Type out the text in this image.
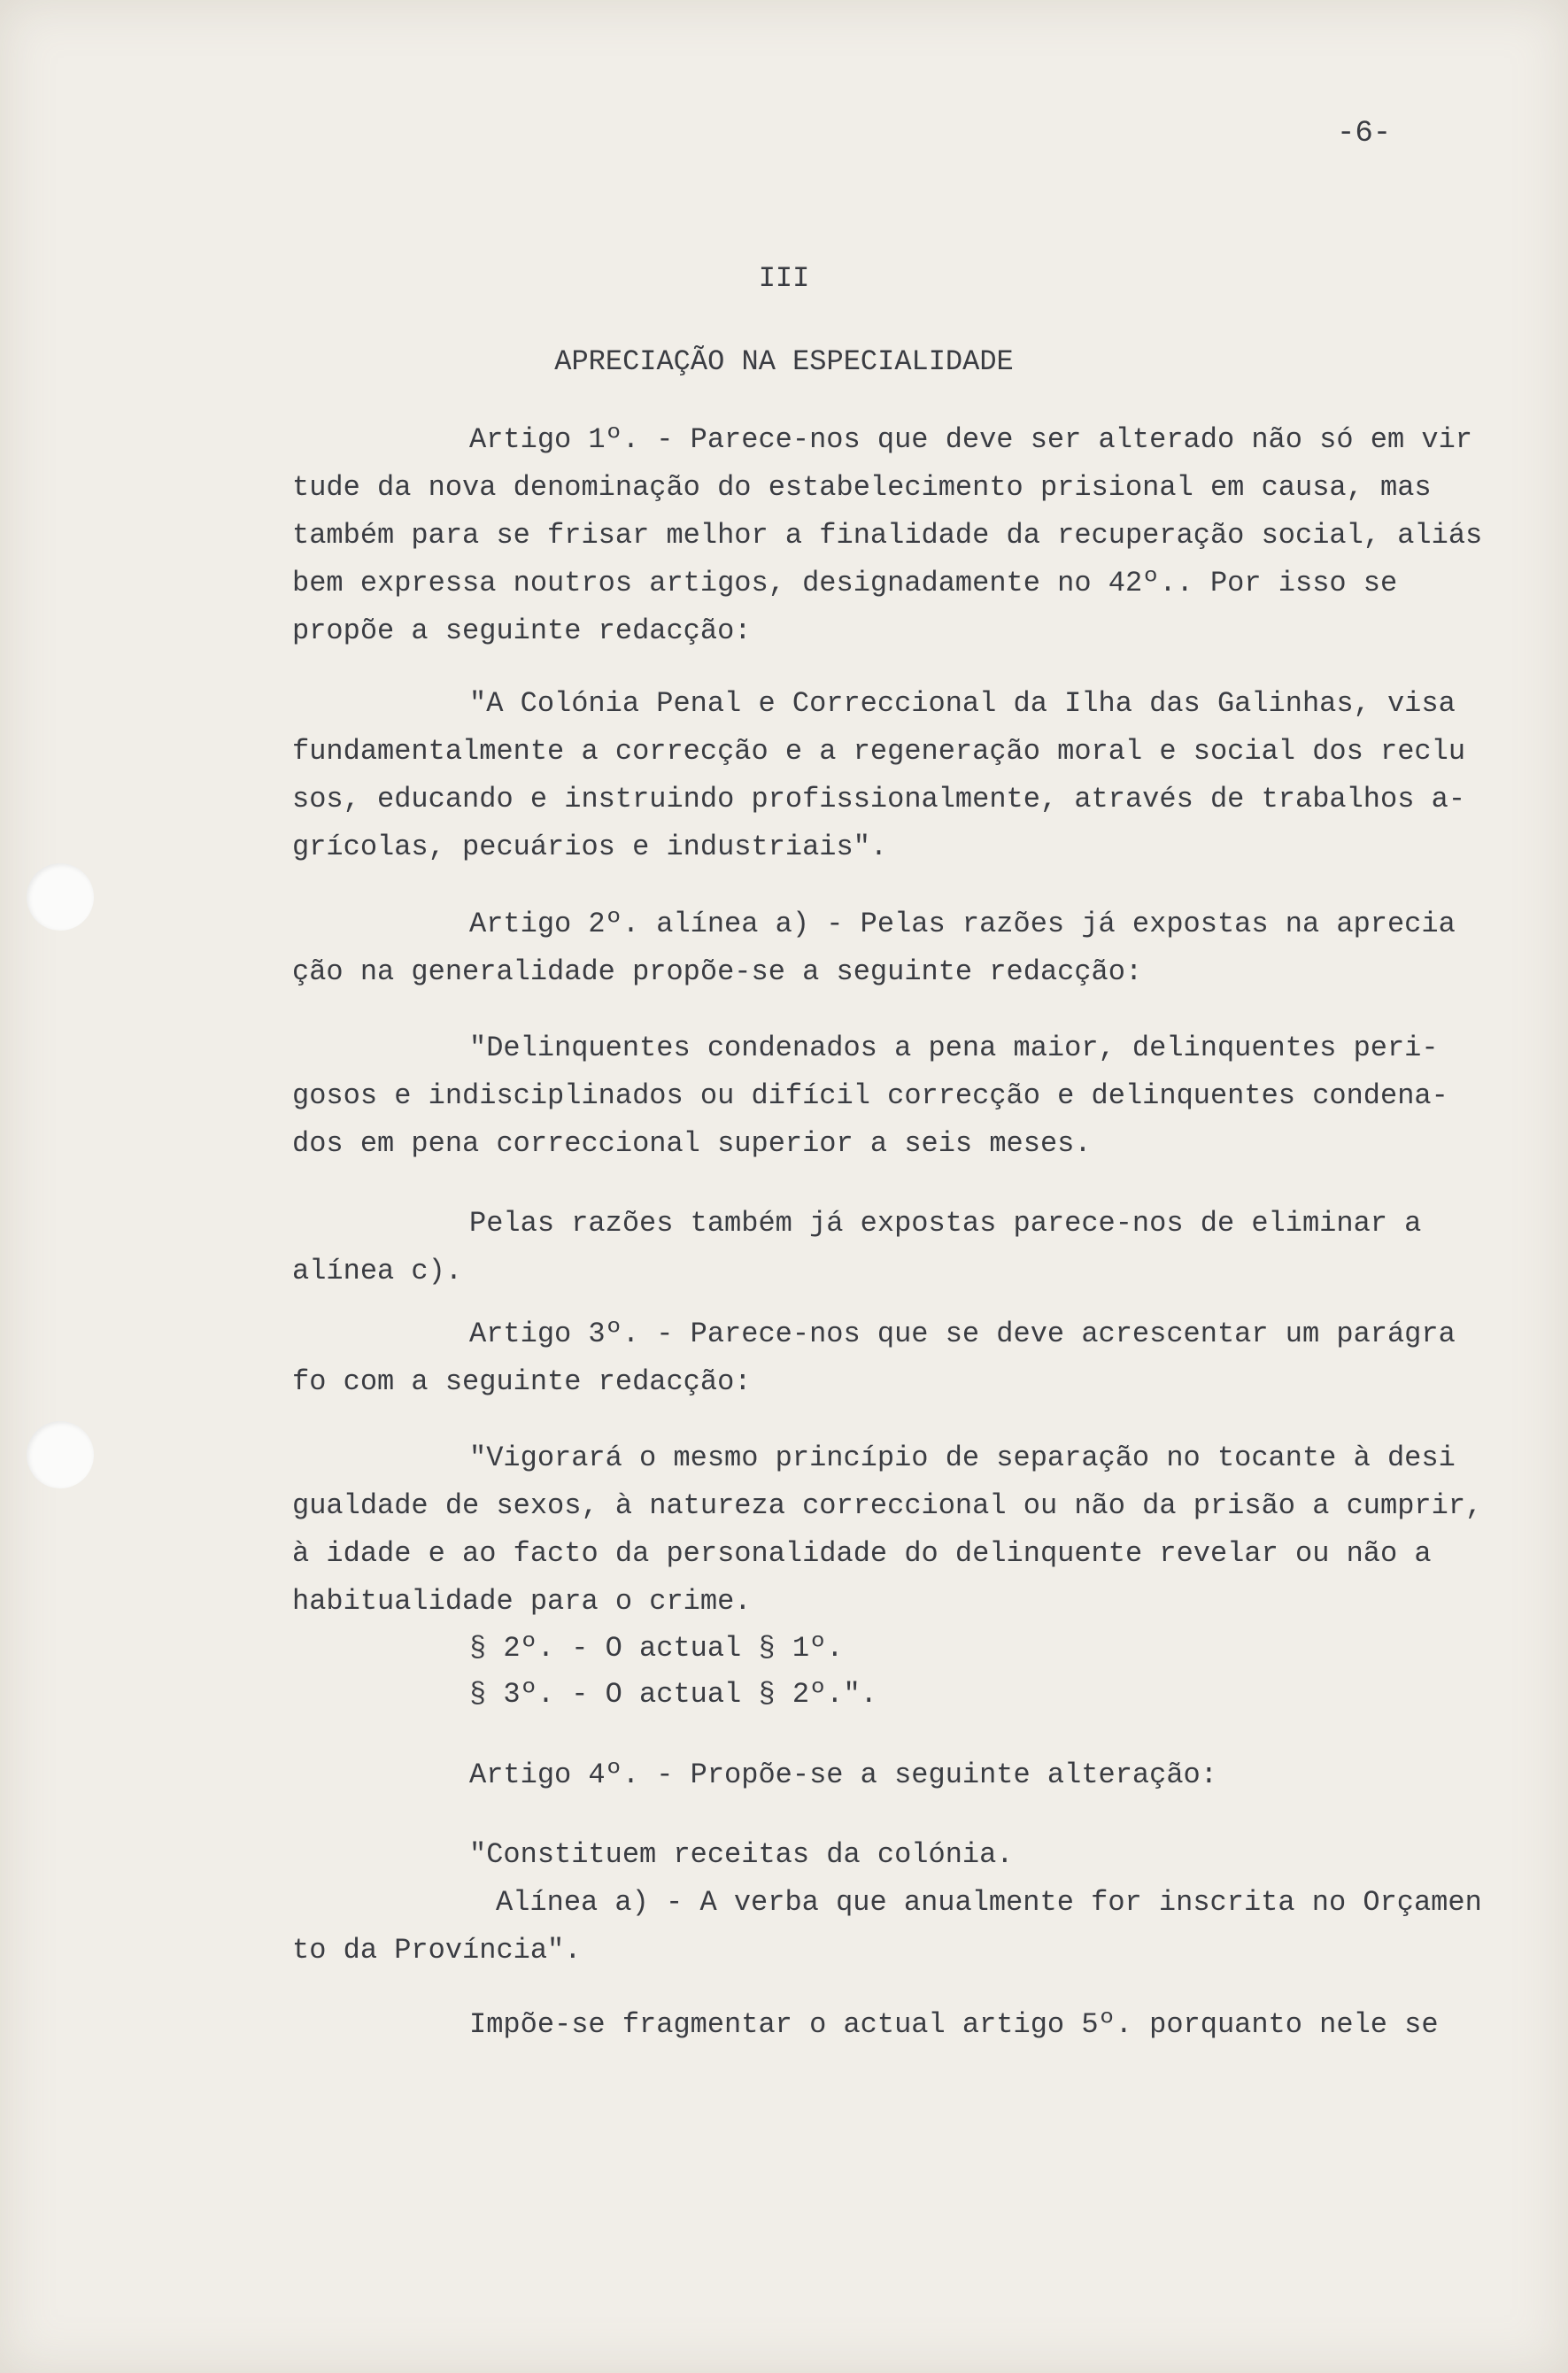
-6-
III
APRECIAÇÃO NA ESPECIALIDADE
Artigo 1º. - Parece-nos que deve ser alterado não só em vir
tude da nova denominação do estabelecimento prisional em causa, mas
também para se frisar melhor a finalidade da recuperação social, aliás
bem expressa noutros artigos, designadamente no 42º.. Por isso se
propõe a seguinte redacção:
"A Colónia Penal e Correccional da Ilha das Galinhas, visa
fundamentalmente a correcção e a regeneração moral e social dos reclu
sos, educando e instruindo profissionalmente, através de trabalhos a-
grícolas, pecuários e industriais".
Artigo 2º. alínea a) - Pelas razões já expostas na aprecia
ção na generalidade propõe-se a seguinte redacção:
"Delinquentes condenados a pena maior, delinquentes peri-
gosos e indisciplinados ou difícil correcção e delinquentes condena-
dos em pena correccional superior a seis meses.
Pelas razões também já expostas parece-nos de eliminar a
alínea c).
Artigo 3º. - Parece-nos que se deve acrescentar um parágra
fo com a seguinte redacção:
"Vigorará o mesmo princípio de separação no tocante à desi
gualdade de sexos, à natureza correccional ou não da prisão a cumprir,
à idade e ao facto da personalidade do delinquente revelar ou não a
habitualidade para o crime.
§ 2º. - O actual § 1º.
§ 3º. - O actual § 2º.".
Artigo 4º. - Propõe-se a seguinte alteração:
"Constituem receitas da colónia.
Alínea a) - A verba que anualmente for inscrita no Orçamen
to da Província".
Impõe-se fragmentar o actual artigo 5º. porquanto nele se
